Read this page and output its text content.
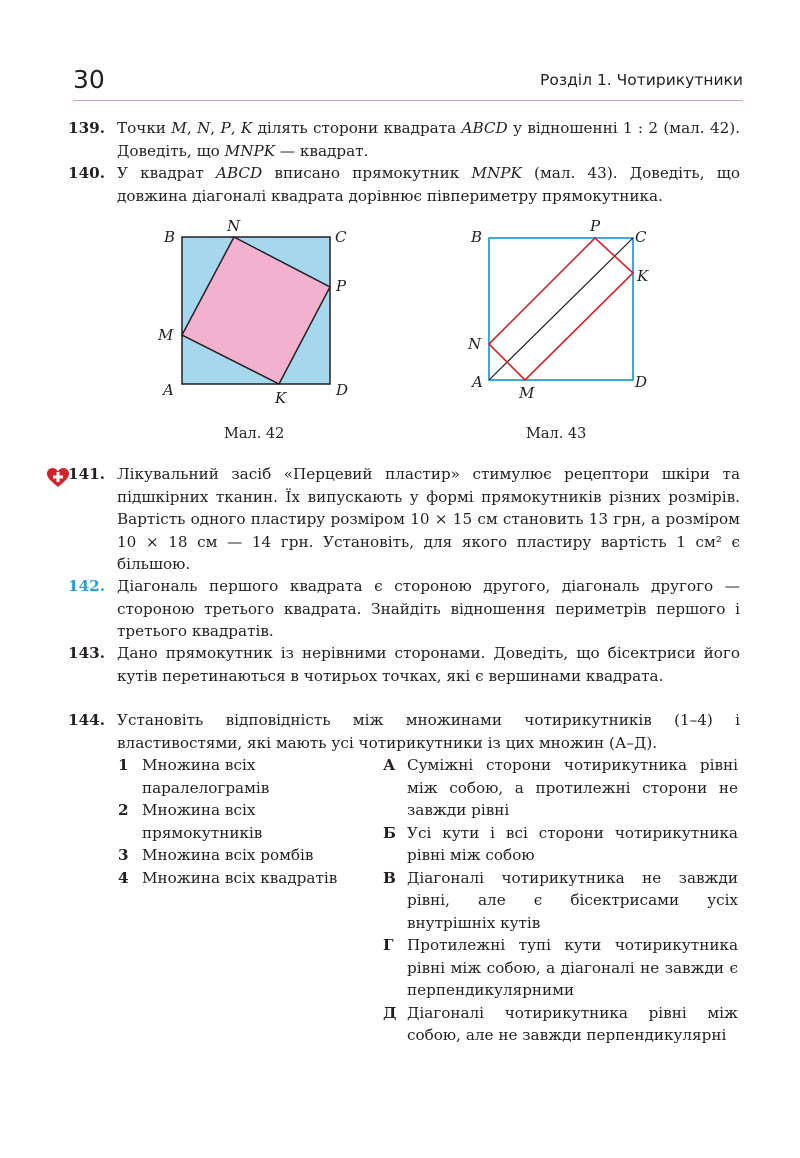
30	Розділ 1. Чотирикутники
139. Точки M, N, P, K ділять сторони квадрата ABCD у відношенні 1 : 2 (мал. 42). Доведіть, що MNPK — квадрат.
140. У квадрат ABCD вписано прямокутник MNPK (мал. 43). Доведіть, що довжина діагоналі квадрата дорівнює півпериметру прямокутника.
B
N
C
P
M
A	K	D
Мал. 42
B
P
C
K
N
A
M
D
Мал. 43
141. Лікувальний засіб «Перцевий пластир» стимулює рецептори шкіри та підшкірних тканин. Їх випускають у формі прямокутників різних розмірів. Вартість одного пластиру розміром 10 × 15 см становить 13 грн, а розміром 10 × 18 см — 14 грн. Установіть, для якого пластиру вартість 1 см² є більшою.
142. Діагональ першого квадрата є стороною другого, діагональ другого — стороною третього квадрата. Знайдіть відношення периметрів першого і третього квадратів.
143. Дано прямокутник із нерівними сторонами. Доведіть, що бісектриси його кутів перетинаються в чотирьох точках, які є вершинами квадрата.
144. Установіть відповідність між множинами чотирикутників (1–4) і властивостями, які мають усі чотирикутники із цих множин (А–Д).
1 Множина всіх паралелограмів
2 Множина всіх прямокутників
3 Множина всіх ромбів
4 Множина всіх квадратів
А Суміжні сторони чотирикутника рівні між собою, а протилежні сторони не завжди рівні
Б Усі кути і всі сторони чотирикутника рівні між собою
В Діагоналі чотирикутника не завжди рівні, але є бісектрисами усіх внутрішніх кутів
Г Протилежні тупі кути чотирикутника рівні між собою, а діагоналі не завжди є перпендикулярними
Д Діагоналі чотирикутника рівні між собою, але не завжди перпендикулярні
